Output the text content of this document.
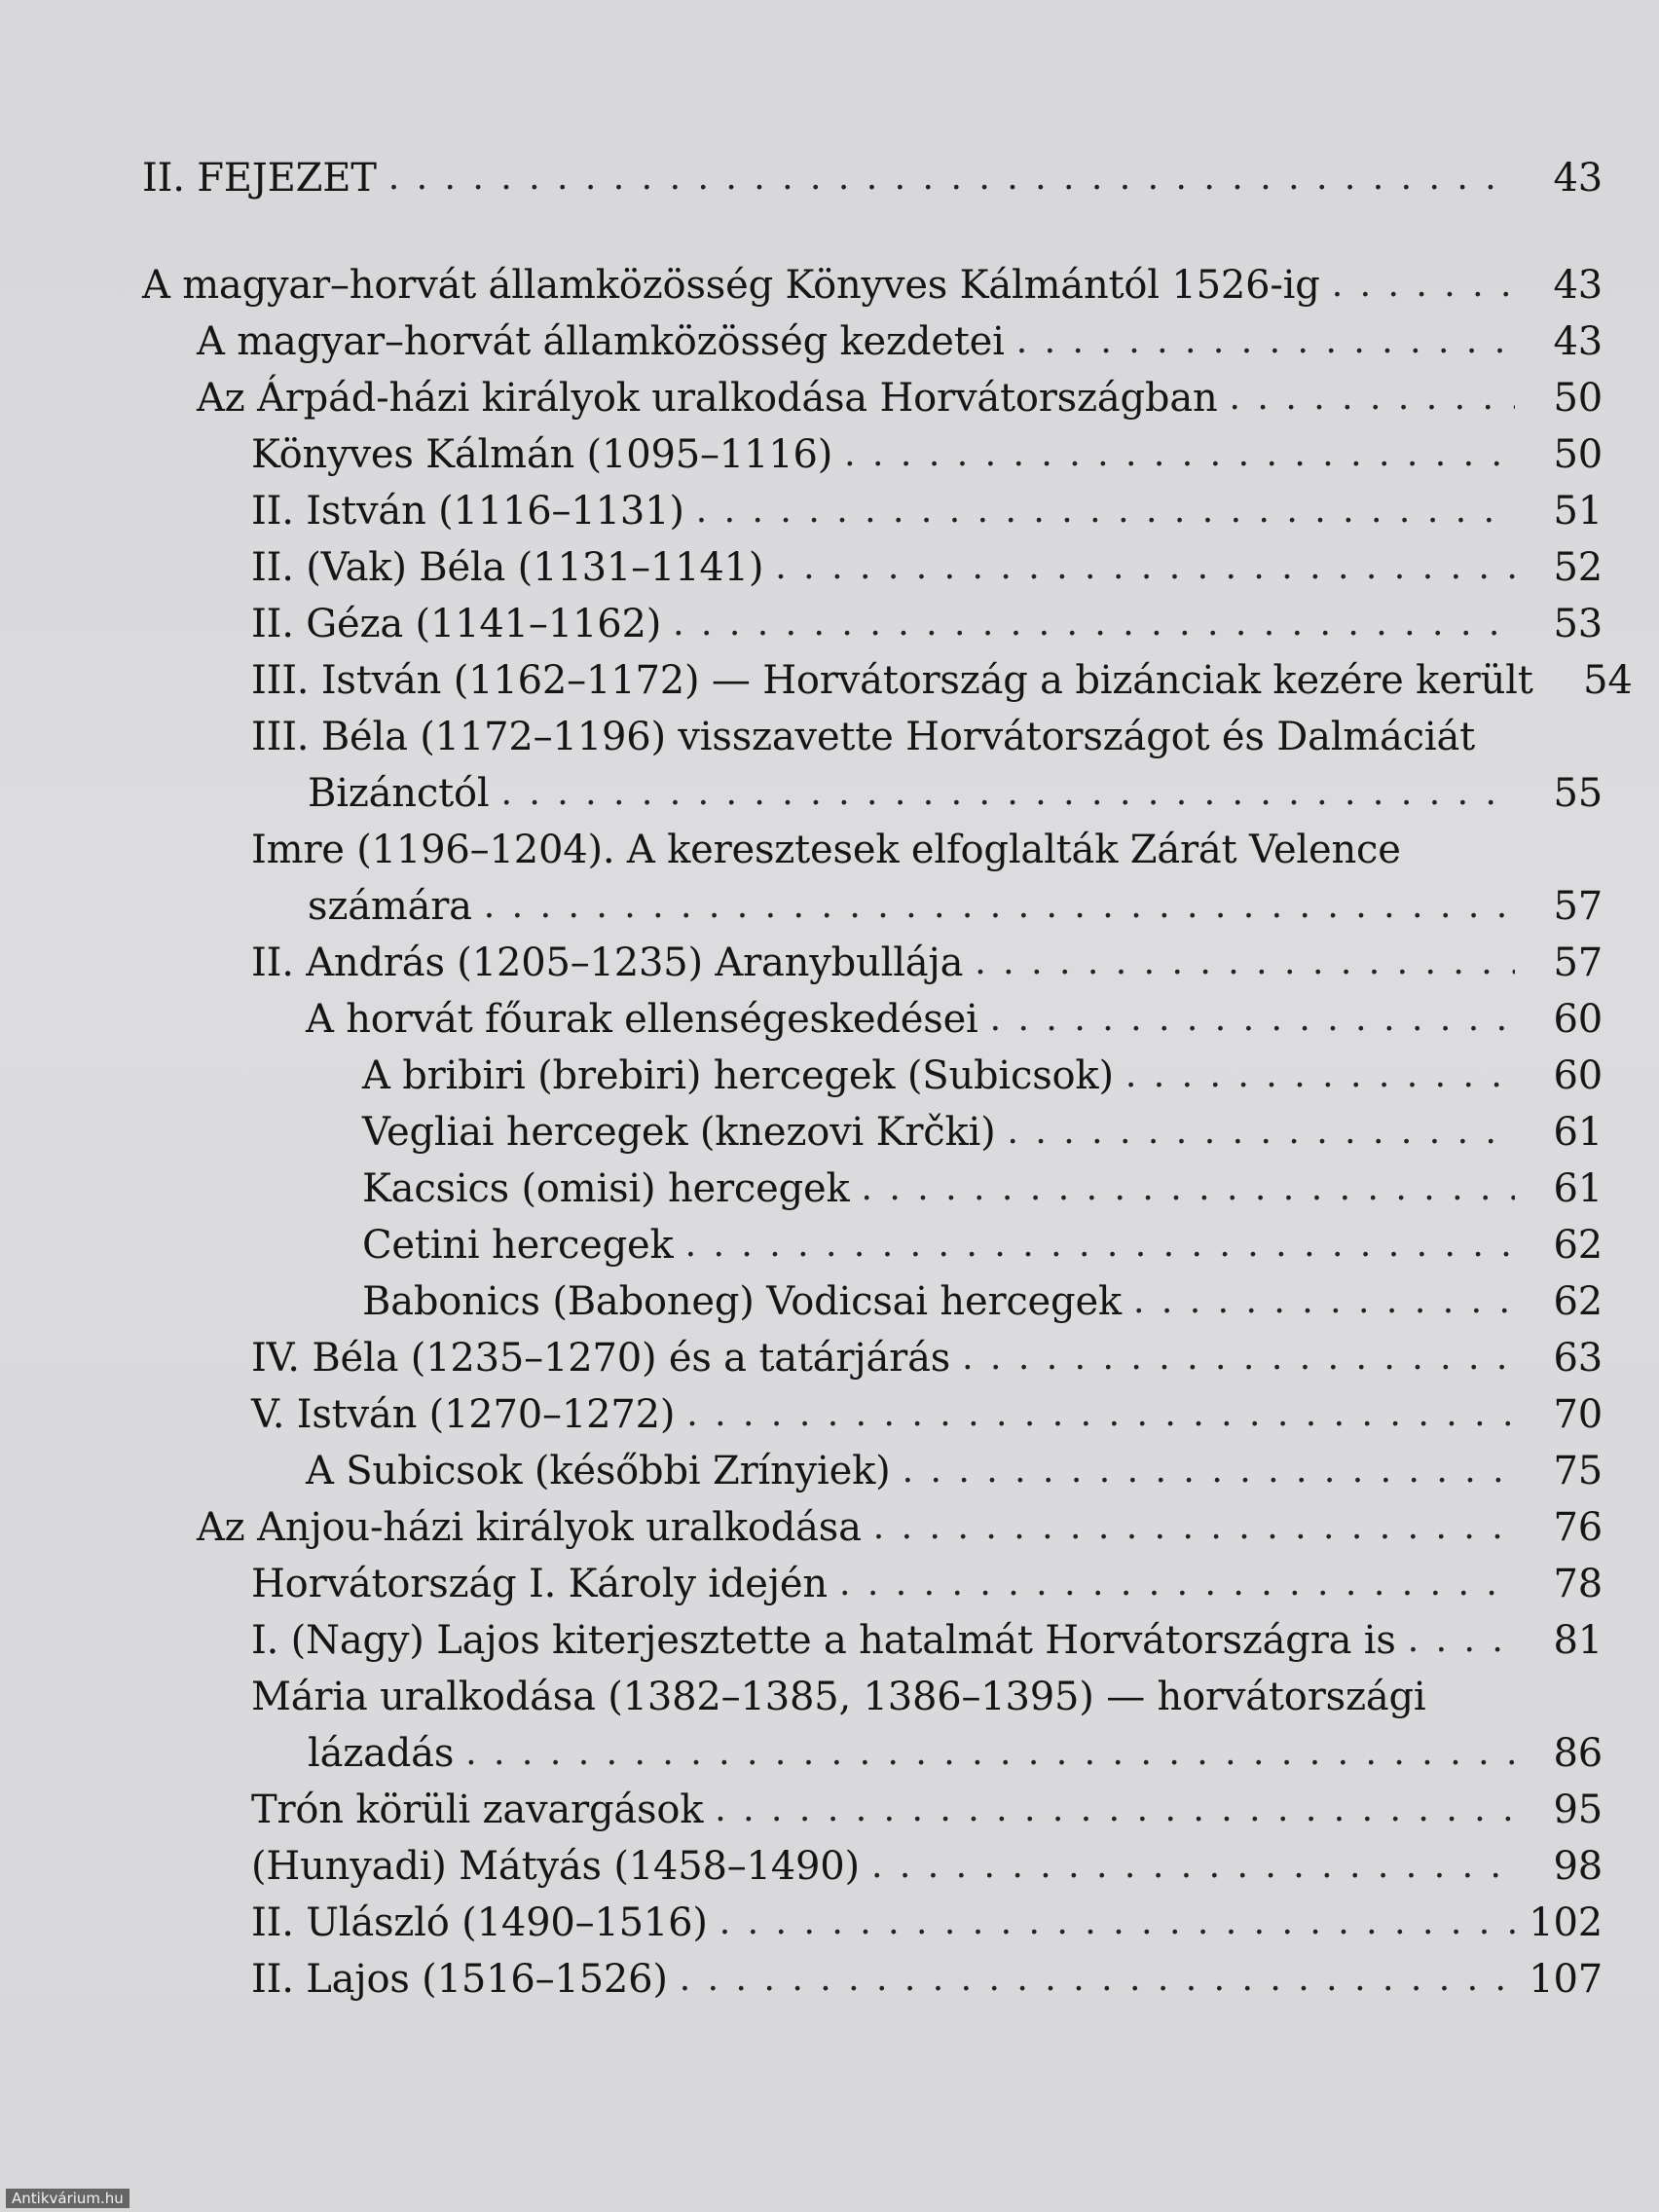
II. FEJEZET . . .	43
A magyar–horvát államközösség Könyves Kálmántól 1526-ig . . .	43
A magyar–horvát államközösség kezdetei . . .	43
Az Árpád-házi királyok uralkodása Horvátországban . . .	50
Könyves Kálmán (1095–1116) . . .	50
II. István (1116–1131) . . .	51
II. (Vak) Béla (1131–1141) . . .	52
II. Géza (1141–1162) . . .	53
III. István (1162–1172) — Horvátország a bizánciak kezére került	54
III. Béla (1172–1196) visszavette Horvátországot és Dalmáciát
Bizánctól . . .	55
Imre (1196–1204). A keresztesek elfoglalták Zárát Velence
számára . . .	57
II. András (1205–1235) Aranybullája . . .	57
A horvát főurak ellenségeskedései . . .	60
A bribiri (brebiri) hercegek (Subicsok) . . .	60
Vegliai hercegek (knezovi Krčki) . . .	61
Kacsics (omisi) hercegek . . .	61
Cetini hercegek . . .	62
Babonics (Baboneg) Vodicsai hercegek . . .	62
IV. Béla (1235–1270) és a tatárjárás . . .	63
V. István (1270–1272) . . .	70
A Subicsok (későbbi Zrínyiek) . . .	75
Az Anjou-házi királyok uralkodása . . .	76
Horvátország I. Károly idején . . .	78
I. (Nagy) Lajos kiterjesztette a hatalmát Horvátországra is . . .	81
Mária uralkodása (1382–1385, 1386–1395) — horvátországi
lázadás . . .	86
Trón körüli zavargások . . .	95
(Hunyadi) Mátyás (1458–1490) . . .	98
II. Ulászló (1490–1516) . . .	102
II. Lajos (1516–1526) . . .	107
Antikvárium.hu
